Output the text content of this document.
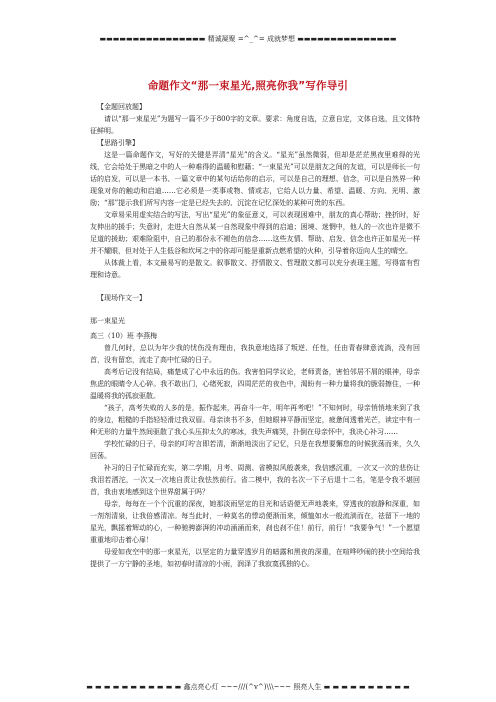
▬▬▬▬▬▬▬▬▬▬▬▬▬▬▬▬ 精诚凝聚 =^_^= 成就梦想 ▬▬▬▬▬▬▬▬▬▬▬▬▬▬▬
命题作文“那一束星光,照亮你我”写作导引

【金题回放题】

请以“那一束星光”为题写一篇不少于800字的文章。要求：角度自选，立意自定，文体自选，且文体特征鲜明。

【思路引擎】

这是一篇命题作文，写好的关键是弄清“星光”的含义。“星光”虽然微弱，但却是茫茫黑夜里难得的光线，它会给处于黑暗之中的人一种难得的温暖和慰藉；“一束星光”可以是朋友之间的友谊，可以是师长一句话的启发，可以是一本书、一篇文章中的某句话给你的启示，可以是自己的理想、信念，可以是自然界一种现象对你的触动和启迪……它必须是一类事或物、情或志，它给人以力量、希望、温暖、方向、光明、激励；“那”提示我们所写内容一定是已经失去的、沉淀在记忆深处的某种可贵的东西。

文章易采用虚实结合的写法，写出“星光”的象征意义，可以表现困难中，朋友的真心帮助；挫折时，好友伸出的援手；失意时，走进大自然从某一自然现象中得到的启迪；困境、迷惘中，他人的一次也许是微不足道的援助；艰难险阻中，自己的那份永不褪色的信念……这些友情、帮助、启发、信念也许正如星光一样并不耀眼，但对处于人生低谷和坎坷之中的你却可能是重新点燃希望的火种，引导着你迈向人生的晴空。

从体裁上看，本文最易写的是散文。叙事散文、抒情散文、哲理散文都可以充分表现主题，写得富有哲理和诗意。

【现场作文一】

那一束星光

高三（10）班 李燕梅

曾几何时，总以为年少我的忧伤没有理由，我执意地选择了叛逆、任性，任由青春肆意流淌，没有回首，没有留恋，流走了高中忙碌的日子。

高考后记没有结局，痛楚成了心中永远的伤。我害怕同学议论，老师责备，害怕邻居不屑的眼神，母亲焦虑的眼睛令人心碎。我不敢出门，心绪死寂，四周茫茫的夜色中，渴盼有一种力量将我的脆弱擦住，一种温暖将我的孤寂驱散。

“孩子，高考失败的人多的是，振作起来，再奋斗一年，明年再考吧！”不知何时，母亲悄悄地来到了我的身边，粗糙的手指轻轻滑过我双眉。母亲读书不多，但她眼神平静而坚定，疲惫间透着光芒，读定中有一种无形的力量牛然间驱散了我心头压抑太久的寒冰，我失声痛哭，扑倒在母亲怀中，我决心补习……

学校忙碌的日子，母亲的叮咛言即若清，渐渐地淡出了记忆，只是在我想要懈怠的时候犹荡而来，久久回荡。

补习的日子忙碌而充实，第二学期，月考、周测、省模拟风般袭来，我信感沉重，一次又一次的悲伤让我泪若洒沱，一次又一次地自责让我怯然前行。省二模中，我的名次一下子后退十二名，笔是令我不堪回首，我由衷地感到这个世界甜属于吗？

母亲，每每在一个个沉重的深夜，她那淡雨坚定的目光和话语便无声地袭来，穿透夜的寂静和深重，如一剂剂清泉，让我倍感清凉。每当此时，一种莫名的悸动便渐而来，倾恤如水一般流淌而在，祛留下一地的星光，飘摇着辉动的心，一种驰骋澎湃的冲动涌涌而来，刹也刹不住！前行，前行！“我要争气！”一个愿望重重地印击着心扉！

母爱如夜空中的那一束星光，以坚定的力量穿透岁月的暗露和黑夜的深重，在喧哗吵闹的狭小空间给我提供了一方宁静的圣地，如初春时清凉的小雨，润泽了我寂寞孤独的心。

▬ ▬ ▬ ▬ ▬ ▬ ▬ ▬ ▬ ▬ ▬ 鑫点亮心灯 ~~~///(^v^)\\\~~~ 照亮人生 ▬ ▬ ▬ ▬ ▬ ▬ ▬ ▬ ▬ ▬
